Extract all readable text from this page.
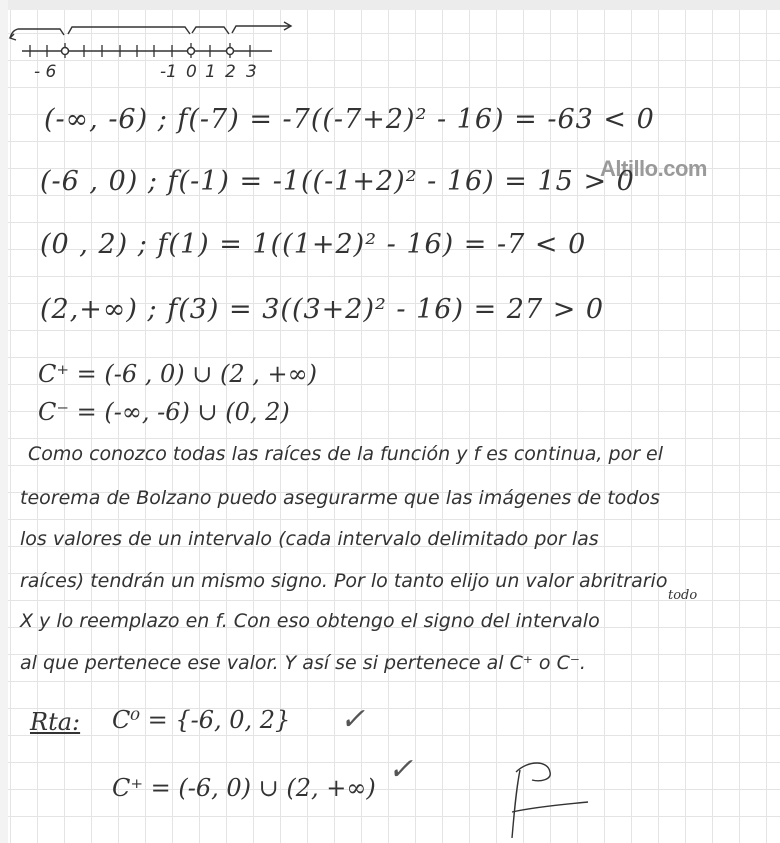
- 6	-1 0 1 2 3
Altillo.com
(-∞, -6) ; f(-7) = -7((-7+2)² - 16) = -63 < 0
(-6 , 0) ; f(-1) = -1((-1+2)² - 16) = 15 > 0
(0 , 2) ; f(1) = 1((1+2)² - 16) = -7 < 0
(2,+∞) ; f(3) = 3((3+2)² - 16) = 27 > 0
C⁺ = (-6 , 0) ∪ (2 , +∞)
C⁻ = (-∞, -6) ∪ (0, 2)
Como conozco todas las raíces de la función y f es continua, por el
teorema de Bolzano puedo asegurarme que las imágenes de todos
los valores de un intervalo (cada intervalo delimitado por las
raíces) tendrán un mismo signo. Por lo tanto elijo un valor abritrario
todo
X y lo reemplazo en f. Con eso obtengo el signo del intervalo
al que pertenece ese valor. Y así se si pertenece al C⁺ o C⁻.
Rta: C⁰ = {-6, 0, 2} ✓
C⁺ = (-6, 0) ∪ (2, +∞)
✓
